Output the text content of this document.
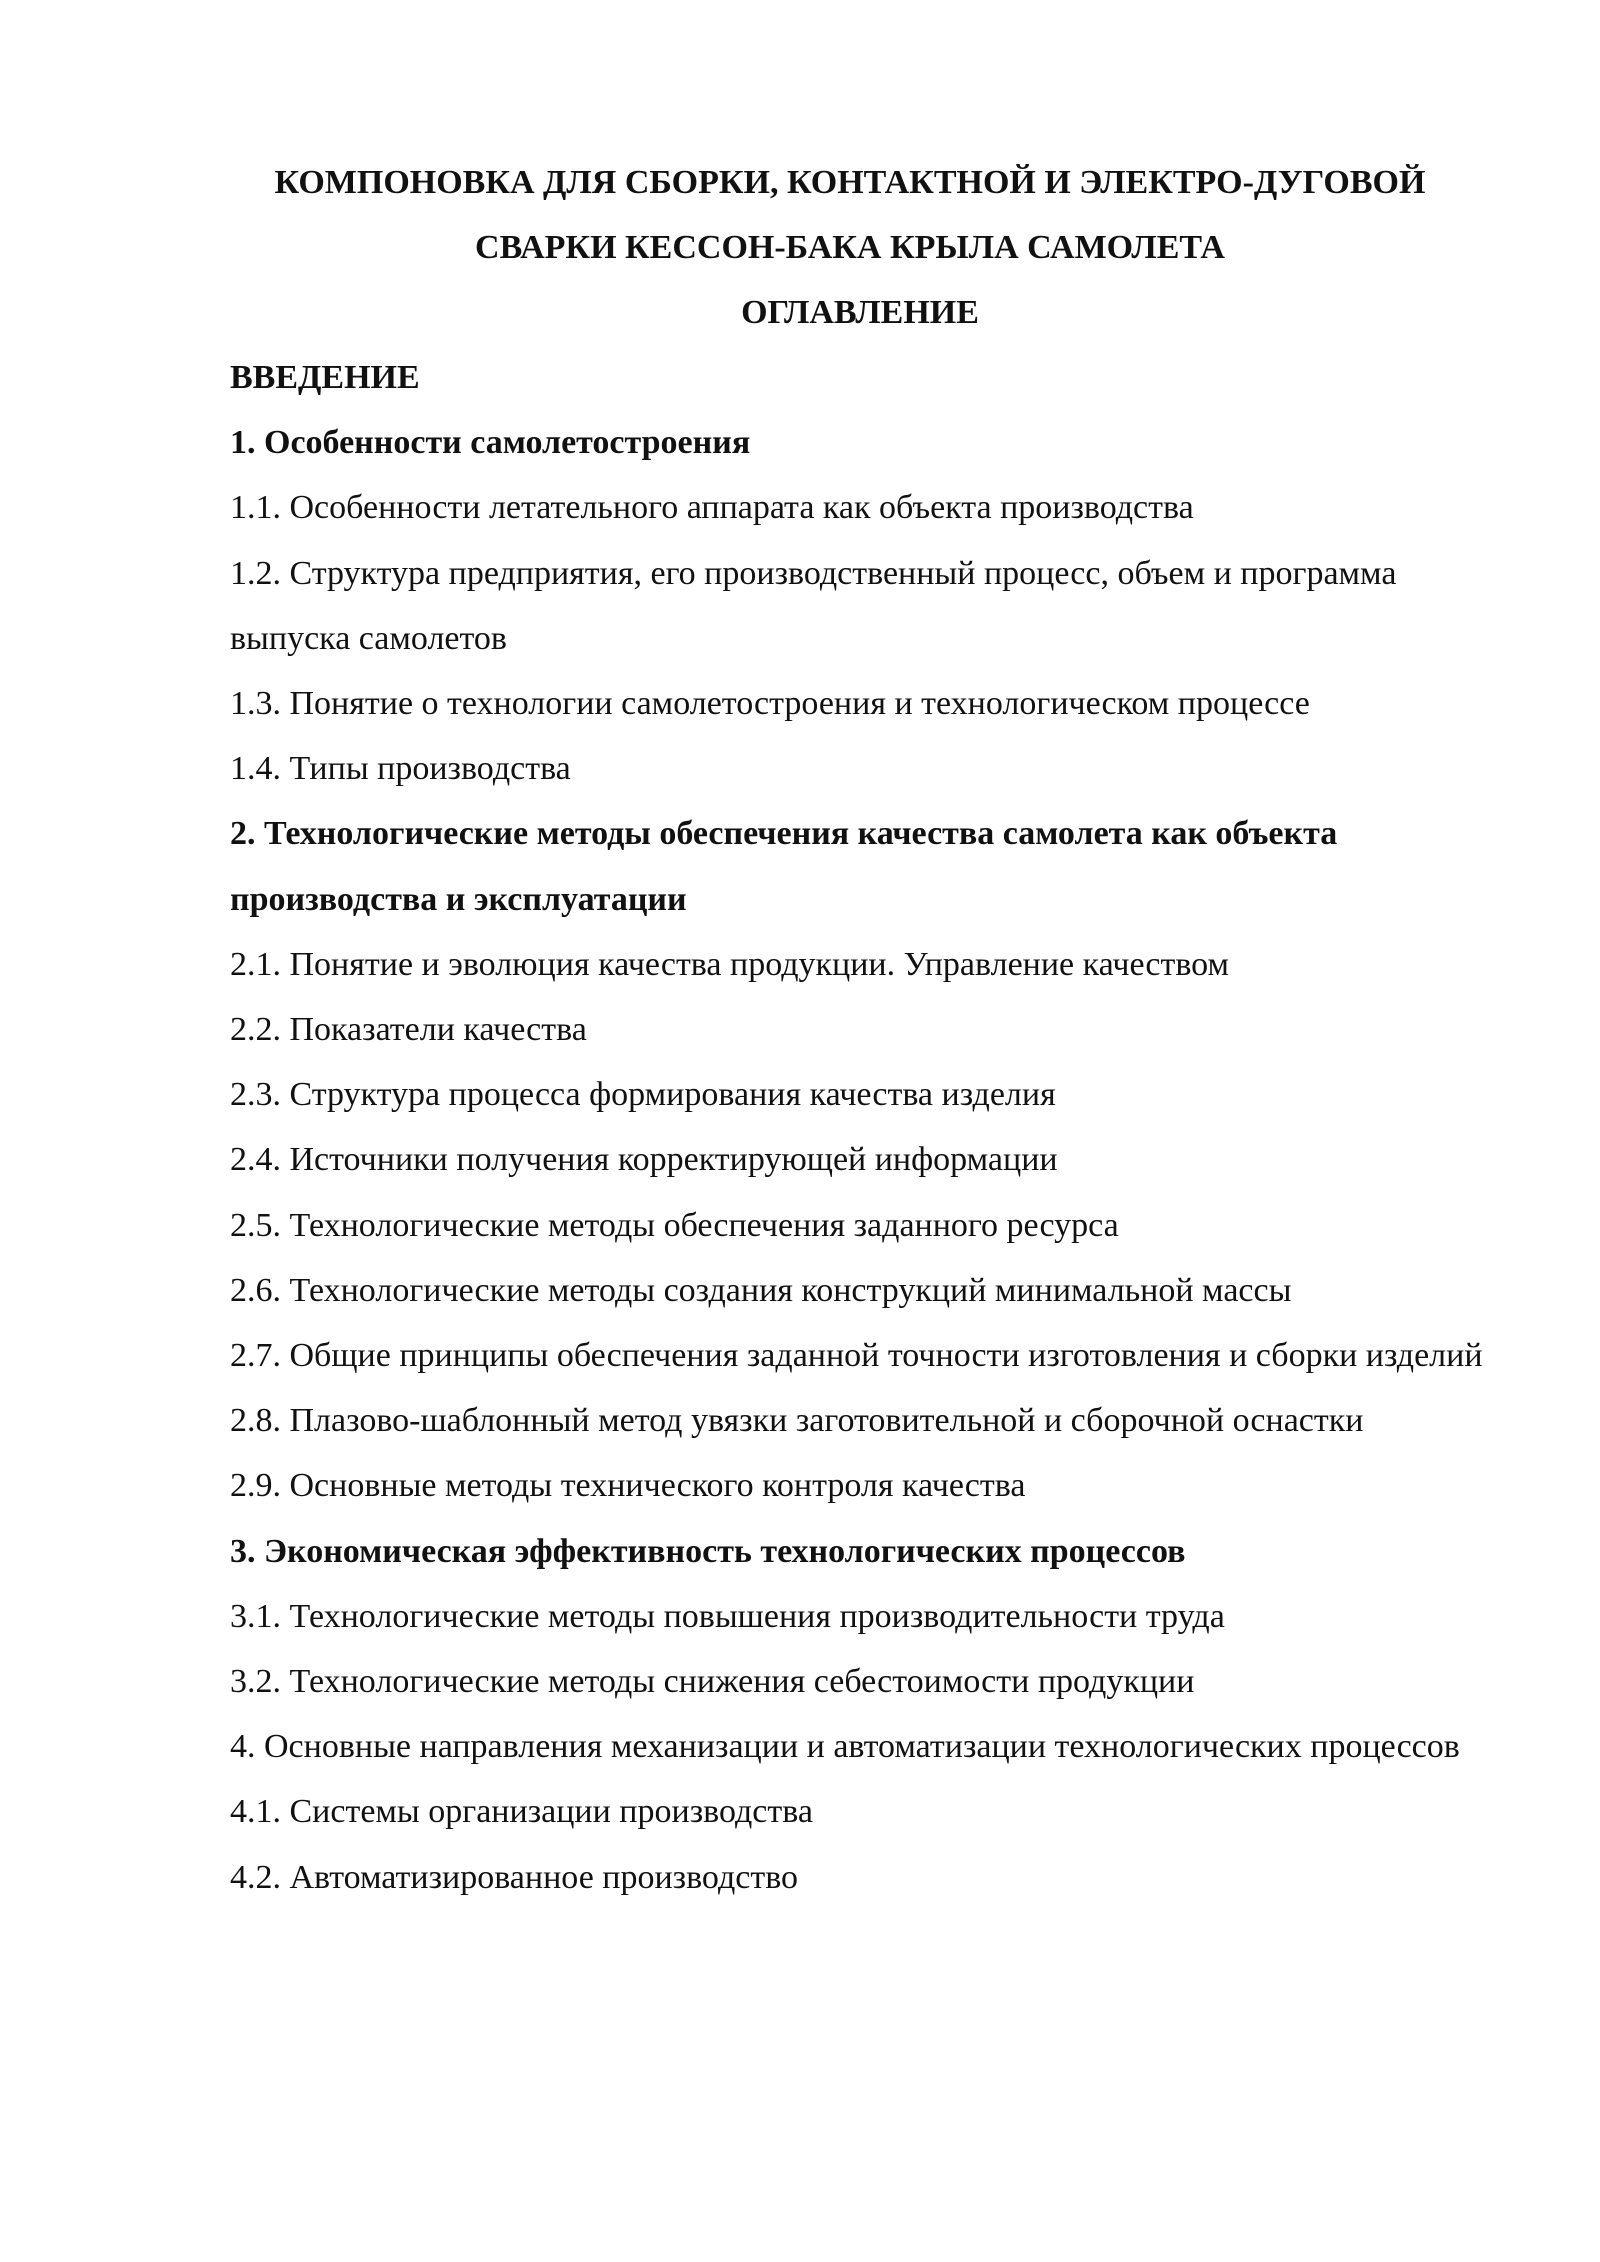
КОМПОНОВКА ДЛЯ СБОРКИ, КОНТАКТНОЙ И ЭЛЕКТРО-ДУГОВОЙ СВАРКИ КЕССОН-БАКА КРЫЛА САМОЛЕТА
ОГЛАВЛЕНИЕ
ВВЕДЕНИЕ
1. Особенности самолетостроения
1.1. Особенности летательного аппарата как объекта производства
1.2. Структура предприятия, его производственный процесс, объем и программа выпуска самолетов
1.3. Понятие о технологии самолетостроения и технологическом процессе
1.4. Типы производства
2. Технологические методы обеспечения качества самолета как объекта производства и эксплуатации
2.1. Понятие и эволюция качества продукции. Управление качеством
2.2. Показатели качества
2.3. Структура процесса формирования качества изделия
2.4. Источники получения корректирующей информации
2.5. Технологические методы обеспечения заданного ресурса
2.6. Технологические методы создания конструкций минимальной массы
2.7. Общие принципы обеспечения заданной точности изготовления и сборки изделий
2.8. Плазово-шаблонный метод увязки заготовительной и сборочной оснастки
2.9. Основные методы технического контроля качества
3. Экономическая эффективность технологических процессов
3.1. Технологические методы повышения производительности труда
3.2. Технологические методы снижения себестоимости продукции
4. Основные направления механизации и автоматизации технологических процессов
4.1. Системы организации производства
4.2. Автоматизированное производство
